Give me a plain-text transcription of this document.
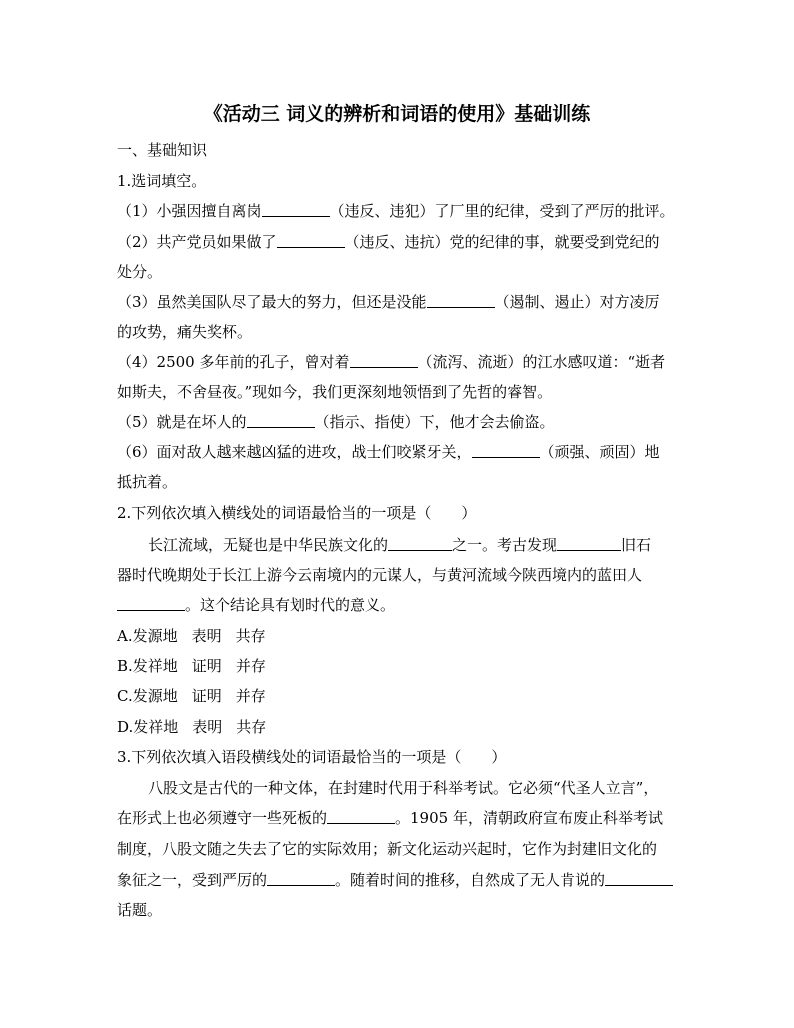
《活动三 词义的辨析和词语的使用》基础训练
一、基础知识
1.选词填空。
（1）小强因擅自离岗	（违反、违犯）了厂里的纪律，受到了严厉的批评。
（2）共产党员如果做了	（违反、违抗）党的纪律的事，就要受到党纪的
处分。
（3）虽然美国队尽了最大的努力，但还是没能	（遏制、遏止）对方凌厉
的攻势，痛失奖杯。
（4）2500 多年前的孔子，曾对着	（流泻、流逝）的江水感叹道：“逝者
如斯夫，不舍昼夜。”现如今，我们更深刻地领悟到了先哲的睿智。
（5）就是在坏人的	（指示、指使）下，他才会去偷盗。
（6）面对敌人越来越凶猛的进攻，战士们咬紧牙关，	（顽强、顽固）地
抵抗着。
2.下列依次填入横线处的词语最恰当的一项是（　　）
长江流域，无疑也是中华民族文化的	之一。考古发现	旧石
器时代晚期处于长江上游今云南境内的元谋人，与黄河流域今陕西境内的蓝田人
。这个结论具有划时代的意义。
A.发源地 表明 共存
B.发祥地 证明 并存
C.发源地 证明 并存
D.发祥地 表明 共存
3.下列依次填入语段横线处的词语最恰当的一项是（　　）
八股文是古代的一种文体，在封建时代用于科举考试。它必须“代圣人立言”，
在形式上也必须遵守一些死板的	。1905 年，清朝政府宣布废止科举考试
制度，八股文随之失去了它的实际效用；新文化运动兴起时，它作为封建旧文化的
象征之一，受到严厉的	。随着时间的推移，自然成了无人肯说的
话题。
